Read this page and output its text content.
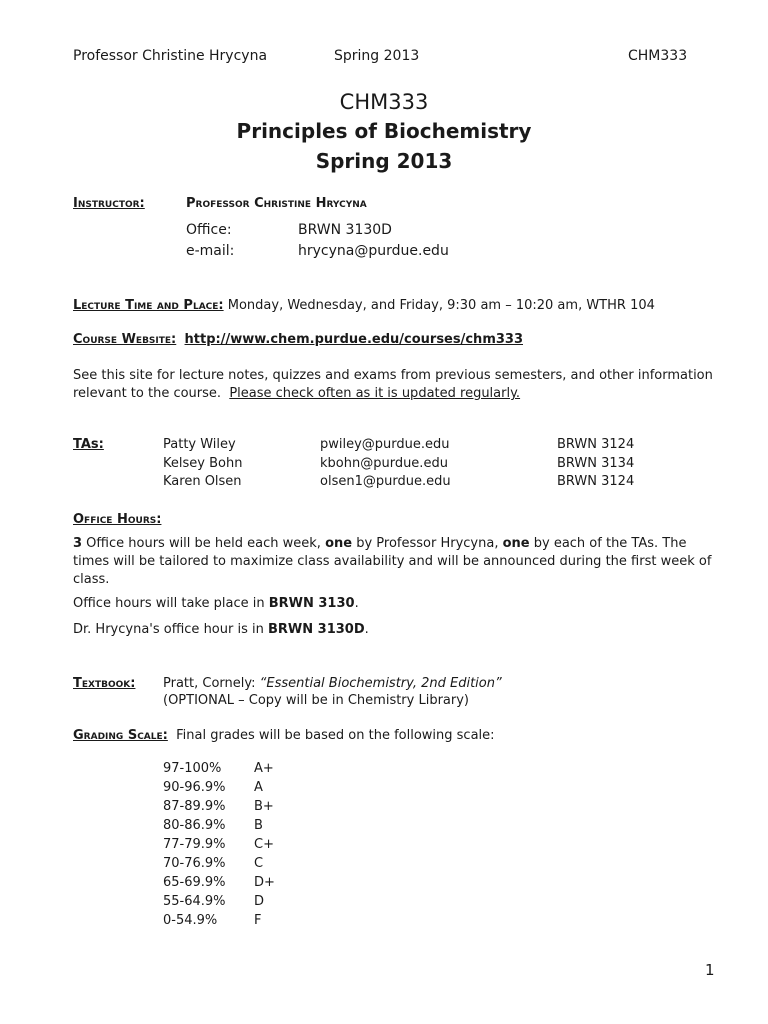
Professor Christine Hrycyna	Spring 2013	CHM333
CHM333
Principles of Biochemistry
Spring 2013
Instructor:	Professor Christine Hrycyna
Office:	BRWN 3130D
e-mail:	hrycyna@purdue.edu
Lecture Time and Place: Monday, Wednesday, and Friday, 9:30 am – 10:20 am, WTHR 104
Course Website: http://www.chem.purdue.edu/courses/chm333
See this site for lecture notes, quizzes and exams from previous semesters, and other information relevant to the course. Please check often as it is updated regularly.
TAs:	Patty Wiley	pwiley@purdue.edu	BRWN 3124
Kelsey Bohn	kbohn@purdue.edu	BRWN 3134
Karen Olsen	olsen1@purdue.edu	BRWN 3124
Office Hours:
3 Office hours will be held each week, one by Professor Hrycyna, one by each of the TAs. The times will be tailored to maximize class availability and will be announced during the first week of class.
Office hours will take place in BRWN 3130.
Dr. Hrycyna's office hour is in BRWN 3130D.
Textbook: Pratt, Cornely: “Essential Biochemistry, 2nd Edition”
(OPTIONAL – Copy will be in Chemistry Library)
Grading Scale: Final grades will be based on the following scale:
97-100%	A+
90-96.9% A
87-89.9% B+
80-86.9% B
77-79.9% C+
70-76.9% C
65-69.9% D+
55-64.9% D
0-54.9%	F
1
